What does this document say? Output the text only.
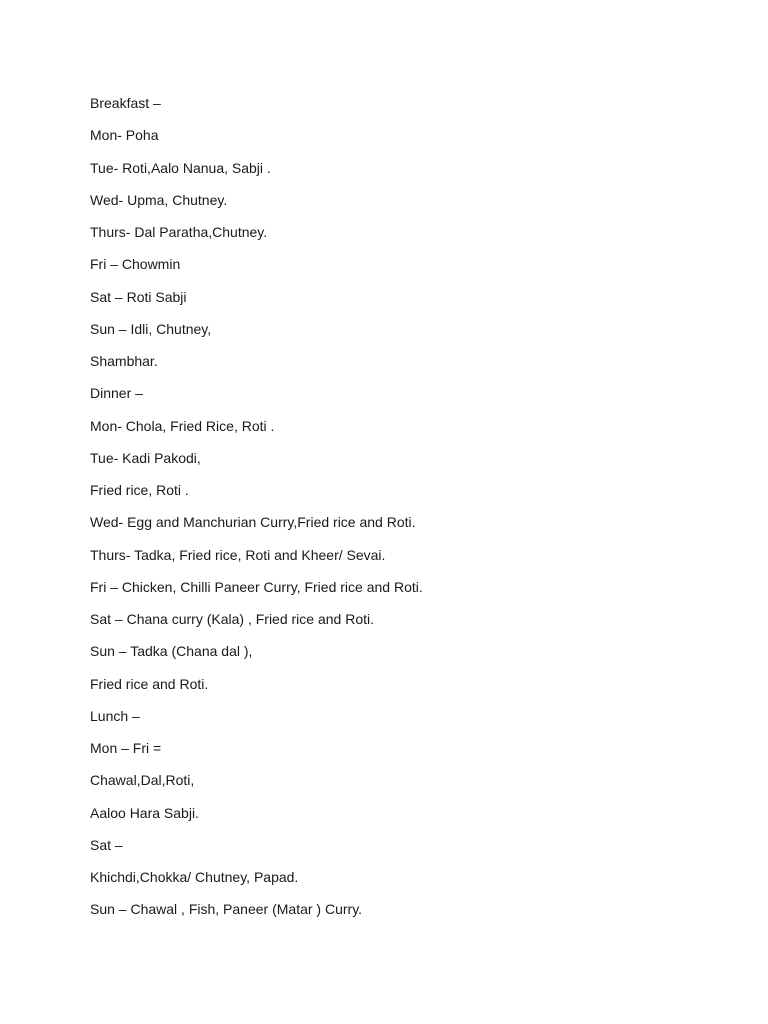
Breakfast –
Mon- Poha
Tue- Roti,Aalo Nanua, Sabji .
Wed- Upma, Chutney.
Thurs- Dal Paratha,Chutney.
Fri – Chowmin
Sat – Roti Sabji
Sun – Idli, Chutney,
Shambhar.
Dinner –
Mon- Chola, Fried Rice, Roti .
Tue- Kadi Pakodi,
Fried rice, Roti .
Wed- Egg and Manchurian Curry,Fried rice and Roti.
Thurs- Tadka, Fried rice, Roti and Kheer/ Sevai.
Fri – Chicken, Chilli Paneer Curry, Fried rice and Roti.
Sat – Chana curry (Kala) , Fried rice and Roti.
Sun – Tadka (Chana dal ),
Fried rice and Roti.
Lunch –
Mon – Fri =
Chawal,Dal,Roti,
Aaloo Hara Sabji.
Sat –
Khichdi,Chokka/ Chutney, Papad.
Sun – Chawal , Fish, Paneer (Matar ) Curry.
